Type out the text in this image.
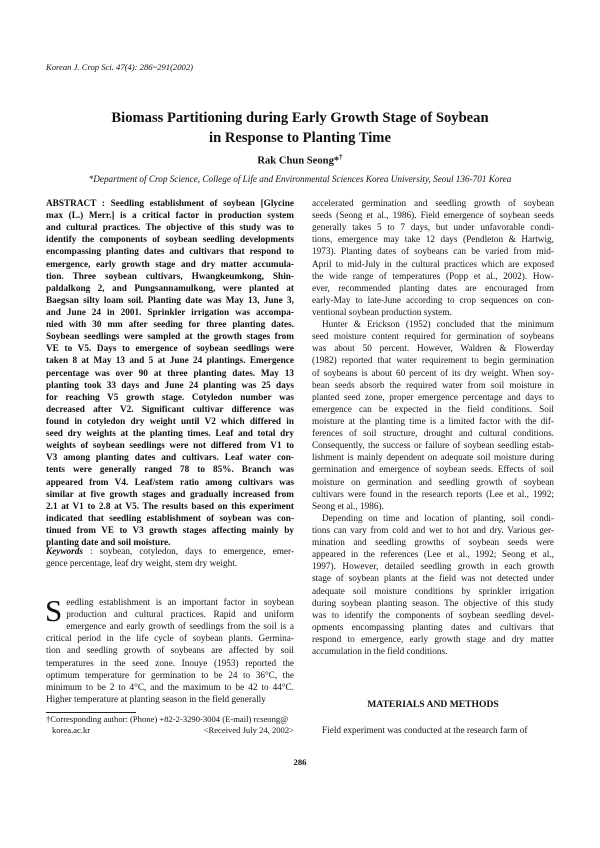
Korean J. Crop Sci. 47(4): 286~291(2002)
Biomass Partitioning during Early Growth Stage of Soybean
in Response to Planting Time
Rak Chun Seong*†
*Department of Crop Science, College of Life and Environmental Sciences Korea University, Seoul 136-701 Korea
ABSTRACT : Seedling establishment of soybean [Glycine
max (L.) Merr.] is a critical factor in production system
and cultural practices. The objective of this study was to
identify the components of soybean seedling developments
encompassing planting dates and cultivars that respond to
emergence, early growth stage and dry matter accumula-
tion. Three soybean cultivars, Hwangkeumkong, Shin-
paldalkong 2, and Pungsannamulkong, were planted at
Baegsan silty loam soil. Planting date was May 13, June 3,
and June 24 in 2001. Sprinkler irrigation was accompa-
nied with 30 mm after seeding for three planting dates.
Soybean seedlings were sampled at the growth stages from
VE to V5. Days to emergence of soybean seedlings were
taken 8 at May 13 and 5 at June 24 plantings. Emergence
percentage was over 90 at three planting dates. May 13
planting took 33 days and June 24 planting was 25 days
for reaching V5 growth stage. Cotyledon number was
decreased after V2. Significant cultivar difference was
found in cotyledon dry weight until V2 which differed in
seed dry weights at the planting times. Leaf and total dry
weights of soybean seedlings were not differed from V1 to
V3 among planting dates and cultivars. Leaf water con-
tents were generally ranged 78 to 85%. Branch was
appeared from V4. Leaf/stem ratio among cultivars was
similar at five growth stages and gradually increased from
2.1 at V1 to 2.8 at V5. The results based on this experiment
indicated that seedling establishment of soybean was con-
tinued from VE to V3 growth stages affecting mainly by
planting date and soil moisture.
Keywords : soybean, cotyledon, days to emergence, emer-
gence percentage, leaf dry weight, stem dry weight.
S eedling establishment is an important factor in soybean
production and cultural practices. Rapid and uniform
emergence and early growth of seedlings from the soil is a
critical period in the life cycle of soybean plants. Germina-
tion and seedling growth of soybeans are affected by soil
temperatures in the seed zone. Inouye (1953) reported the
optimum temperature for germination to be 24 to 36°C, the
minimum to be 2 to 4°C, and the maximum to be 42 to 44°C.
Higher temperature at planting season in the field generally
†Corresponding author: (Phone) +82-2-3290-3004 (E-mail) rcseong@
korea.ac.kr	<Received July 24, 2002>
accelerated germination and seedling growth of soybean
seeds (Seong et al., 1986). Field emergence of soybean seeds
generally takes 5 to 7 days, but under unfavorable condi-
tions, emergence may take 12 days (Pendleton & Hartwig,
1973). Planting dates of soybeans can be varied from mid-
April to mid-July in the cultural practices which are exposed
the wide range of temperatures (Popp et al., 2002). How-
ever, recommended planting dates are encouraged from
early-May to late-June according to crop sequences on con-
ventional soybean production system.
Hunter & Erickson (1952) concluded that the minimum
seed moisture content required for germination of soybeans
was about 50 percent. However, Waldren & Flowerday
(1982) reported that water requirement to begin germination
of soybeans is about 60 percent of its dry weight. When soy-
bean seeds absorb the required water from soil moisture in
planted seed zone, proper emergence percentage and days to
emergence can be expected in the field conditions. Soil
moisture at the planting time is a limited factor with the dif-
ferences of soil structure, drought and cultural conditions.
Consequently, the success or failure of soybean seedling estab-
lishment is mainly dependent on adequate soil moisture during
germination and emergence of soybean seeds. Effects of soil
moisture on germination and seedling growth of soybean
cultivars were found in the research reports (Lee et al., 1992;
Seong et al., 1986).
Depending on time and location of planting, soil condi-
tions can vary from cold and wet to hot and dry. Various ger-
mination and seedling growths of soybean seeds were
appeared in the references (Lee et al., 1992; Seong et al.,
1997). However, detailed seedling growth in each growth
stage of soybean plants at the field was not detected under
adequate soil moisture conditions by sprinkler irrigation
during soybean planting season. The objective of this study
was to identify the components of soybean seedling devel-
opments encompassing planting dates and cultivars that
respond to emergence, early growth stage and dry matter
accumulation in the field conditions.
MATERIALS AND METHODS
Field experiment was conducted at the research farm of
286
